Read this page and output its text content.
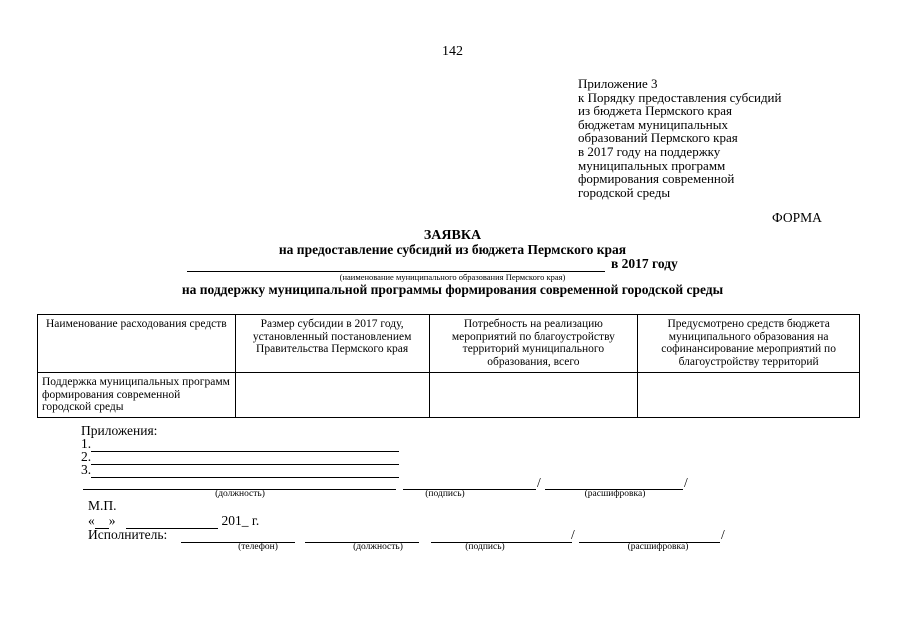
142
Приложение 3
к Порядку предоставления субсидий
из бюджета Пермского края
бюджетам муниципальных
образований Пермского края
в 2017 году на поддержку
муниципальных программ
формирования современной
городской среды
ФОРМА
ЗАЯВКА
на предоставление субсидий из бюджета Пермского края
в 2017 году
(наименование муниципального образования Пермского края)
на поддержку муниципальной программы формирования современной городской среды
Наименование расходования средств	Размер субсидии в 2017 году, установленный постановлением Правительства Пермского края	Потребность на реализацию мероприятий по благоустройству территорий муниципального образования, всего	Предусмотрено средств бюджета муниципального образования на софинансирование мероприятий по благоустройству территорий
Поддержка муниципальных программ формирования современной городской среды			
Приложения:
1.
2.
3.
/	/
(должность)	(подпись)	(расшифровка)
М.П.
« »	201_ г.
Исполнитель:	/	/
(телефон)	(должность)	(подпись)	(расшифровка)
